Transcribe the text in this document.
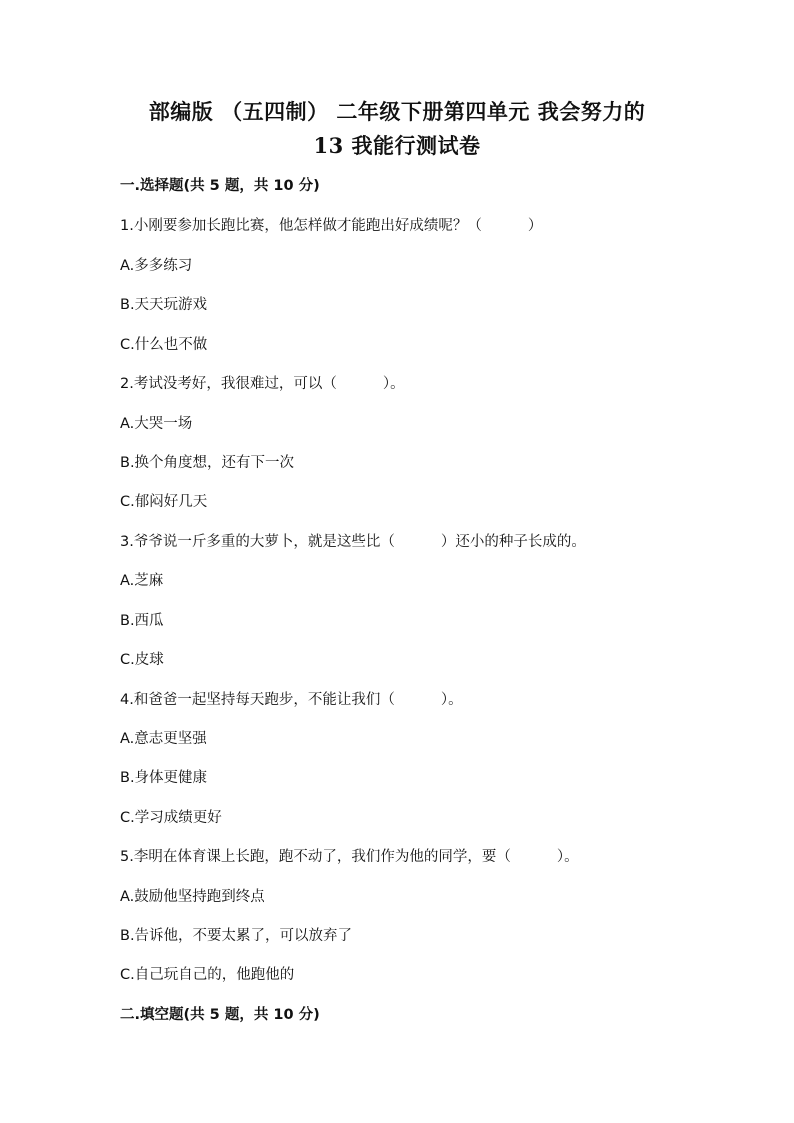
部编版 （五四制） 二年级下册第四单元 我会努力的
13 我能行测试卷
一.选择题(共 5 题，共 10 分)
1.小刚要参加长跑比赛，他怎样做才能跑出好成绩呢？（          ）
A.多多练习
B.天天玩游戏
C.什么也不做
2.考试没考好，我很难过，可以（          ）。
A.大哭一场
B.换个角度想，还有下一次
C.郁闷好几天
3.爷爷说一斤多重的大萝卜，就是这些比（          ）还小的种子长成的。
A.芝麻
B.西瓜
C.皮球
4.和爸爸一起坚持每天跑步，不能让我们（          ）。
A.意志更坚强
B.身体更健康
C.学习成绩更好
5.李明在体育课上长跑，跑不动了，我们作为他的同学，要（          ）。
A.鼓励他坚持跑到终点
B.告诉他，不要太累了，可以放弃了
C.自己玩自己的，他跑他的
二.填空题(共 5 题，共 10 分)
